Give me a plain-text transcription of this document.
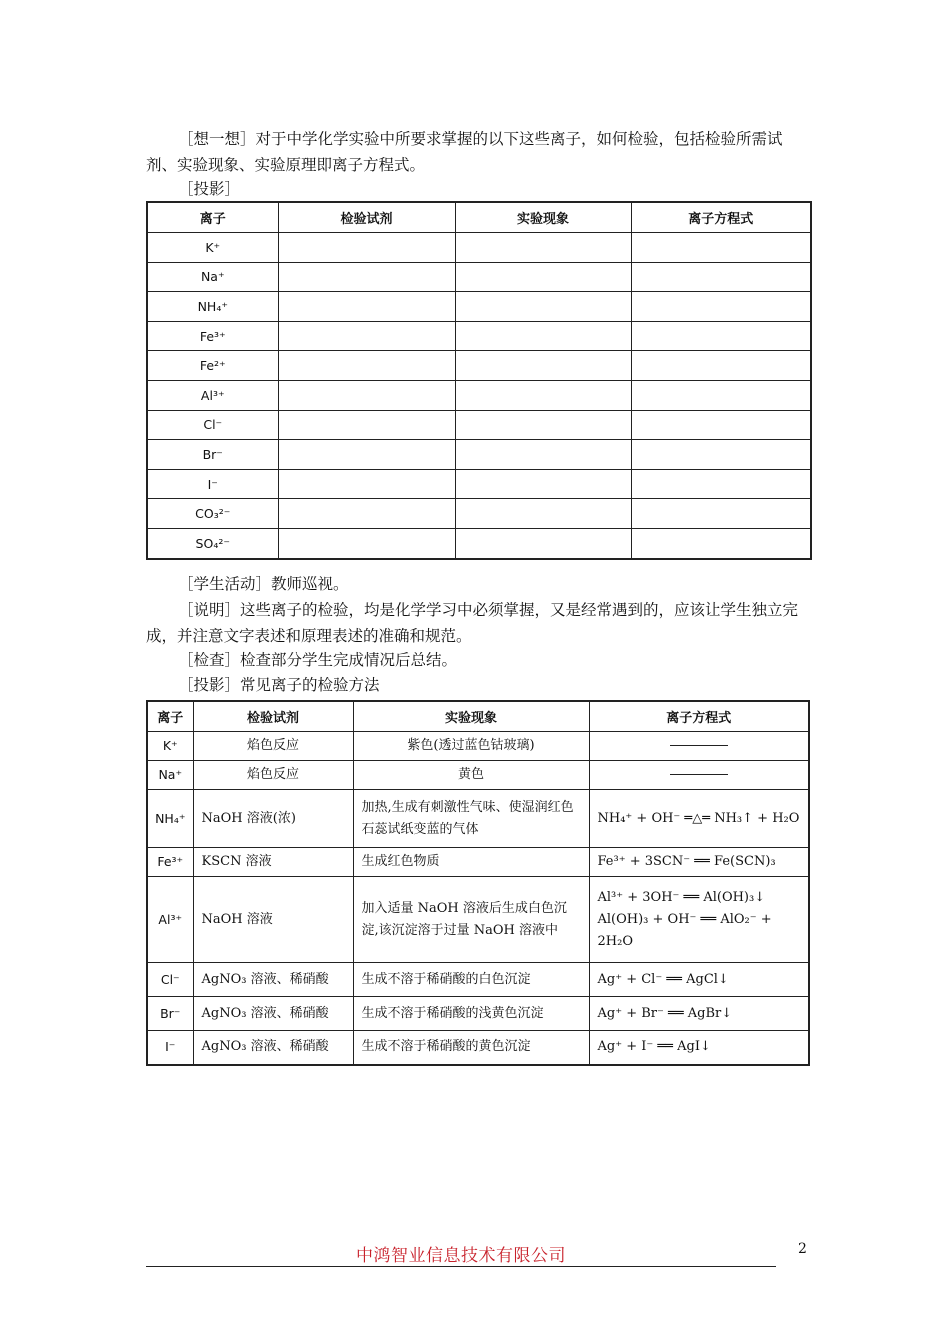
［想一想］对于中学化学实验中所要求掌握的以下这些离子，如何检验，包括检验所需试剂、实验现象、实验原理即离子方程式。

［投影］
离子	检验试剂	实验现象	离子方程式
K⁺			
Na⁺			
NH₄⁺			
Fe³⁺			
Fe²⁺			
Al³⁺			
Cl⁻			
Br⁻			
I⁻			
CO₃²⁻			
SO₄²⁻			
［学生活动］教师巡视。

［说明］这些离子的检验，均是化学学习中必须掌握，又是经常遇到的，应该让学生独立完成，并注意文字表述和原理表述的准确和规范。

［检查］检查部分学生完成情况后总结。
［投影］常见离子的检验方法
离子	检验试剂	实验现象	离子方程式
K⁺	焰色反应	紫色(透过蓝色钴玻璃)	
Na⁺	焰色反应	黄色	
NH₄⁺	NaOH 溶液(浓)	加热,生成有刺激性气味、使湿润红色石蕊试纸变蓝的气体	NH₄⁺ + OH⁻ ═△═ NH₃↑ + H₂O
Fe³⁺	KSCN 溶液	生成红色物质	Fe³⁺ + 3SCN⁻ ══ Fe(SCN)₃
Al³⁺	NaOH 溶液	加入适量 NaOH 溶液后生成白色沉淀,该沉淀溶于过量 NaOH 溶液中	Al³⁺ + 3OH⁻ ══ Al(OH)₃↓
Al(OH)₃ + OH⁻ ══ AlO₂⁻ + 2H₂O

Cl⁻	AgNO₃ 溶液、稀硝酸	生成不溶于稀硝酸的白色沉淀	Ag⁺ + Cl⁻ ══ AgCl↓
Br⁻	AgNO₃ 溶液、稀硝酸	生成不溶于稀硝酸的浅黄色沉淀	Ag⁺ + Br⁻ ══ AgBr↓
I⁻	AgNO₃ 溶液、稀硝酸	生成不溶于稀硝酸的黄色沉淀	Ag⁺ + I⁻ ══ AgI↓
中鸿智业信息技术有限公司	2
